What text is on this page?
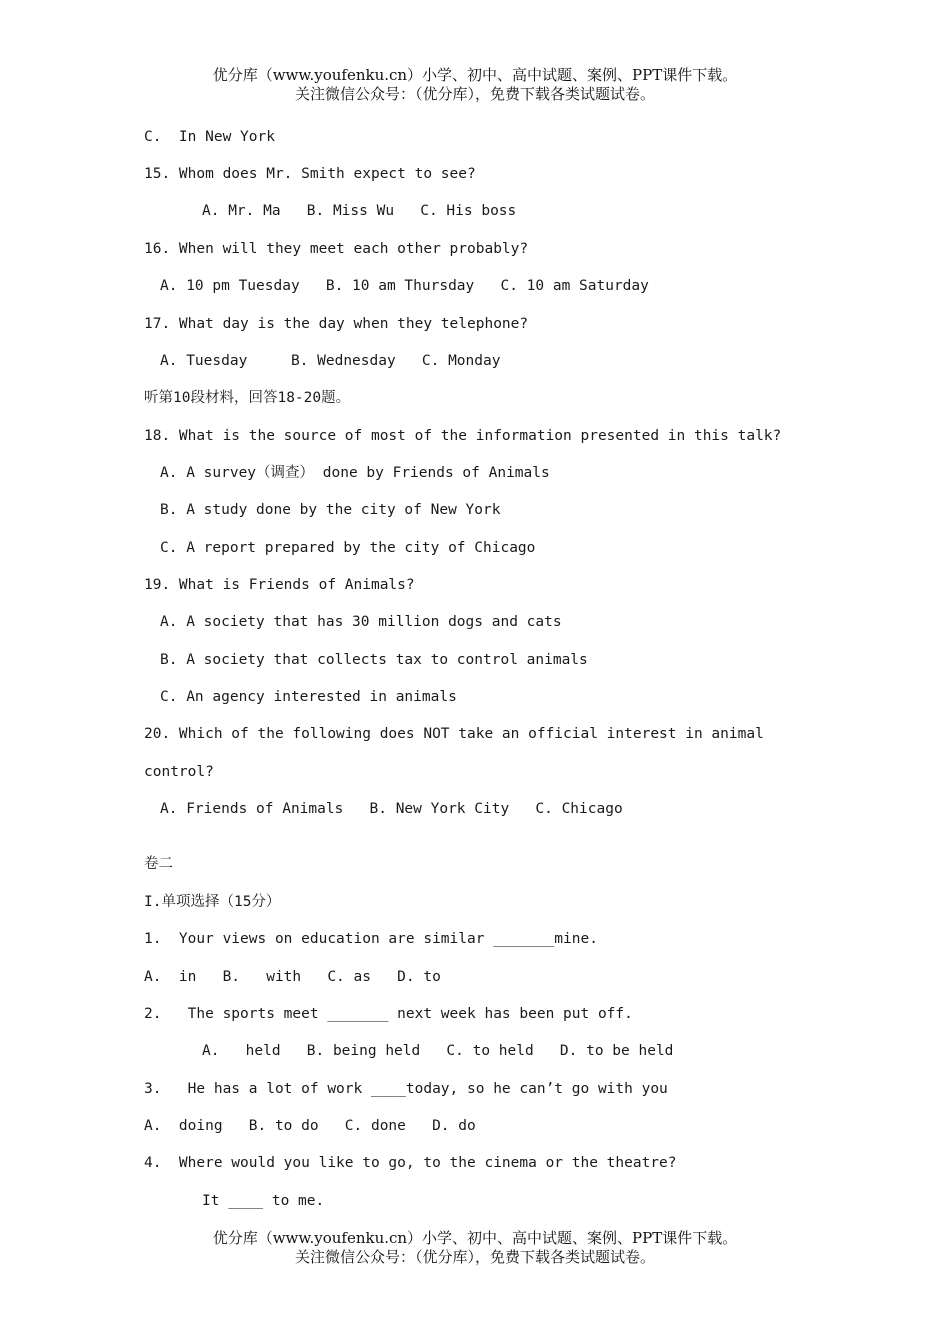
优分库（www.youfenku.cn）小学、初中、高中试题、案例、PPT课件下载。
关注微信公众号：（优分库），免费下载各类试题试卷。
C.  In New York
15. Whom does Mr. Smith expect to see?
A. Mr. Ma   B. Miss Wu   C. His boss
16. When will they meet each other probably?
A. 10 pm Tuesday   B. 10 am Thursday   C. 10 am Saturday
17. What day is the day when they telephone?
A. Tuesday     B. Wednesday   C. Monday
听第10段材料，回答18-20题。
18. What is the source of most of the information presented in this talk?
A. A survey（调查） done by Friends of Animals
B. A study done by the city of New York
C. A report prepared by the city of Chicago
19. What is Friends of Animals?
A. A society that has 30 million dogs and cats
B. A society that collects tax to control animals
C. An agency interested in animals
20. Which of the following does NOT take an official interest in animal
control?
A. Friends of Animals   B. New York City   C. Chicago
卷二
I.单项选择（15分）
1.  Your views on education are similar _______mine.
A.  in   B.   with   C. as   D. to
2.   The sports meet _______ next week has been put off.
A.   held   B. being held   C. to held   D. to be held
3.   He has a lot of work ____today, so he can’t go with you
A.  doing   B. to do   C. done   D. do
4.  Where would you like to go, to the cinema or the theatre?
It ____ to me.
优分库（www.youfenku.cn）小学、初中、高中试题、案例、PPT课件下载。
关注微信公众号：（优分库），免费下载各类试题试卷。
